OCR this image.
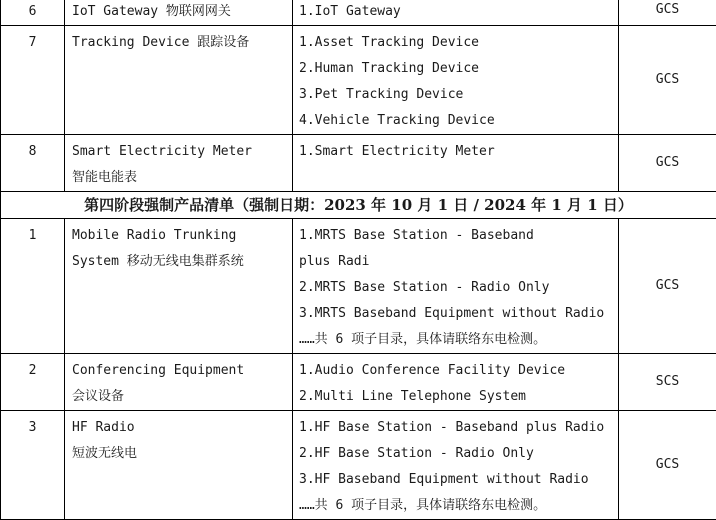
6	IoT Gateway 物联网网关	1.IoT Gateway	GCS
7	Tracking Device 跟踪设备	1.Asset Tracking Device
2.Human Tracking Device
3.Pet Tracking Device
4.Vehicle Tracking Device	GCS
8	Smart Electricity Meter
智能电能表	1.Smart Electricity Meter	GCS
第四阶段强制产品清单（强制日期：2023 年 10 月 1 日 / 2024 年 1 月 1 日）			
1	Mobile Radio Trunking
System 移动无线电集群系统	1.MRTS Base Station - Baseband
plus Radi
2.MRTS Base Station - Radio Only
3.MRTS Baseband Equipment without Radio
……共 6 项子目录，具体请联络东电检测。	GCS
2	Conferencing Equipment
会议设备	1.Audio Conference Facility Device
2.Multi Line Telephone System	SCS
3	HF Radio
短波无线电	1.HF Base Station - Baseband plus Radio
2.HF Base Station - Radio Only
3.HF Baseband Equipment without Radio
……共 6 项子目录，具体请联络东电检测。	GCS
